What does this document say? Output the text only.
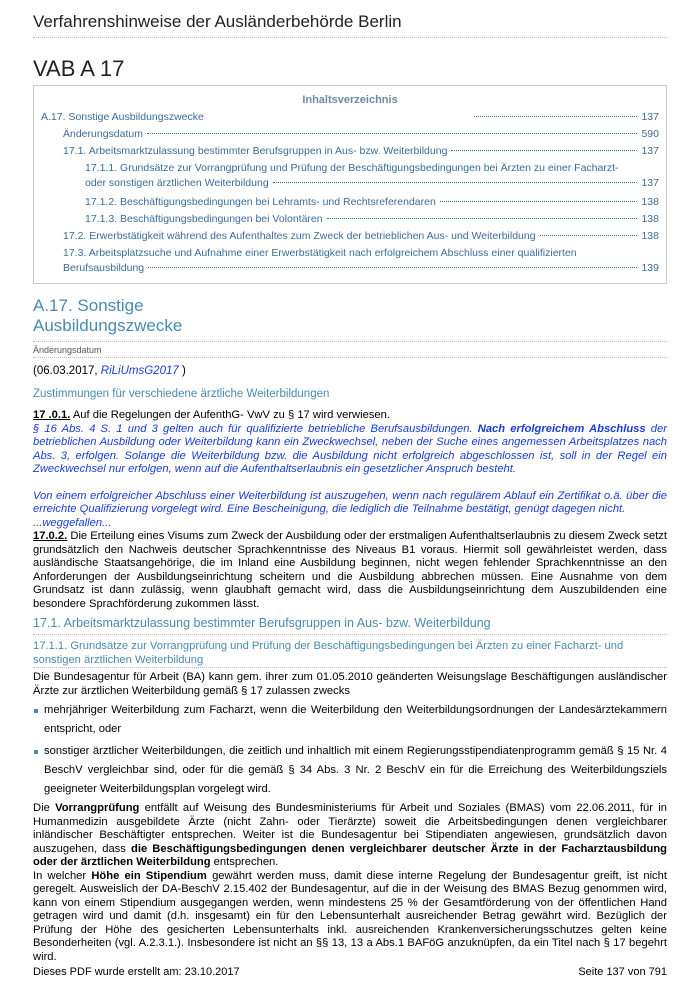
Verfahrenshinweise der Ausländerbehörde Berlin
VAB A 17
Inhaltsverzeichnis
A.17. Sonstige Ausbildungszwecke	137
Änderungsdatum	590
17.1. Arbeitsmarktzulassung bestimmter Berufsgruppen in Aus- bzw. Weiterbildung	137
17.1.1. Grundsätze zur Vorrangprüfung und Prüfung der Beschäftigungsbedingungen bei Ärzten zu einer Facharzt-
oder sonstigen ärztlichen Weiterbildung	137
17.1.2. Beschäftigungsbedingungen bei Lehramts- und Rechtsreferendaren	138
17.1.3. Beschäftigungsbedingungen bei Volontären	138
17.2. Erwerbstätigkeit während des Aufenthaltes zum Zweck der betrieblichen Aus- und Weiterbildung	138
17.3. Arbeitsplatzsuche und Aufnahme einer Erwerbstätigkeit nach erfolgreichem Abschluss einer qualifizierten
Berufsausbildung	139
A.17. Sonstige
Ausbildungszwecke
Änderungsdatum
(06.03.2017, RiLiUmsG2017 )
Zustimmungen für verschiedene ärztliche Weiterbildungen
17 .0.1. Auf die Regelungen der AufenthG- VwV zu § 17 wird verwiesen.
§ 16 Abs. 4 S. 1 und 3 gelten auch für qualifizierte betriebliche Berufsausbildungen. Nach erfolgreichem Abschluss der betrieblichen Ausbildung oder Weiterbildung kann ein Zweckwechsel, neben der Suche eines angemessen Arbeitsplatzes nach Abs. 3, erfolgen. Solange die Weiterbildung bzw. die Ausbildung nicht erfolgreich abgeschlossen ist, soll in der Regel ein Zweckwechsel nur erfolgen, wenn auf die Aufenthaltserlaubnis ein gesetzlicher Anspruch besteht.
Von einem erfolgreicher Abschluss einer Weiterbildung ist auszugehen, wenn nach regulärem Ablauf ein Zertifikat o.ä. über die erreichte Qualifizierung vorgelegt wird. Eine Bescheinigung, die lediglich die Teilnahme bestätigt, genügt dagegen nicht.
...weggefallen...
17.0.2. Die Erteilung eines Visums zum Zweck der Ausbildung oder der erstmaligen Aufenthaltserlaubnis zu diesem Zweck setzt grundsätzlich den Nachweis deutscher Sprachkenntnisse des Niveaus B1 voraus. Hiermit soll gewährleistet werden, dass ausländische Staatsangehörige, die im Inland eine Ausbildung beginnen, nicht wegen fehlender Sprachkenntnisse an den Anforderungen der Ausbildungseinrichtung scheitern und die Ausbildung abbrechen müssen. Eine Ausnahme von dem Grundsatz ist dann zulässig, wenn glaubhaft gemacht wird, dass die Ausbildungseinrichtung dem Auszubildenden eine besondere Sprachförderung zukommen lässt.
17.1. Arbeitsmarktzulassung bestimmter Berufsgruppen in Aus- bzw. Weiterbildung
17.1.1. Grundsätze zur Vorrangprüfung und Prüfung der Beschäftigungsbedingungen bei Ärzten zu einer Facharzt- und sonstigen ärztlichen Weiterbildung
Die Bundesagentur für Arbeit (BA) kann gem. ihrer zum 01.05.2010 geänderten Weisungslage Beschäftigungen ausländischer Ärzte zur ärztlichen Weiterbildung gemäß § 17 zulassen zwecks
mehrjähriger Weiterbildung zum Facharzt, wenn die Weiterbildung den Weiterbildungsordnungen der Landesärztekammern entspricht, oder
sonstiger ärztlicher Weiterbildungen, die zeitlich und inhaltlich mit einem Regierungsstipendiatenprogramm gemäß § 15 Nr. 4 BeschV vergleichbar sind, oder für die gemäß § 34 Abs. 3 Nr. 2 BeschV ein für die Erreichung des Weiterbildungsziels geeigneter Weiterbildungsplan vorgelegt wird.
Die Vorrangprüfung entfällt auf Weisung des Bundesministeriums für Arbeit und Soziales (BMAS) vom 22.06.2011, für in Humanmedizin ausgebildete Ärzte (nicht Zahn- oder Tierärzte) soweit die Arbeitsbedingungen denen vergleichbarer inländischer Beschäftigter entsprechen. Weiter ist die Bundesagentur bei Stipendiaten angewiesen, grundsätzlich davon auszugehen, dass die Beschäftigungsbedingungen denen vergleichbarer deutscher Ärzte in der Facharztausbildung oder der ärztlichen Weiterbildung entsprechen.
In welcher Höhe ein Stipendium gewährt werden muss, damit diese interne Regelung der Bundesagentur greift, ist nicht geregelt. Ausweislich der DA-BeschV 2.15.402 der Bundesagentur, auf die in der Weisung des BMAS Bezug genommen wird, kann von einem Stipendium ausgegangen werden, wenn mindestens 25 % der Gesamtförderung von der öffentlichen Hand getragen wird und damit (d.h. insgesamt) ein für den Lebensunterhalt ausreichender Betrag gewährt wird. Bezüglich der Prüfung der Höhe des gesicherten Lebensunterhalts inkl. ausreichenden Krankenversicherungsschutzes gelten keine Besonderheiten (vgl. A.2.3.1.). Insbesondere ist nicht an §§ 13, 13 a Abs.1 BAFöG anzuknüpfen, da ein Titel nach § 17 begehrt wird.
Dieses PDF wurde erstellt am: 23.10.2017	Seite 137 von 791
